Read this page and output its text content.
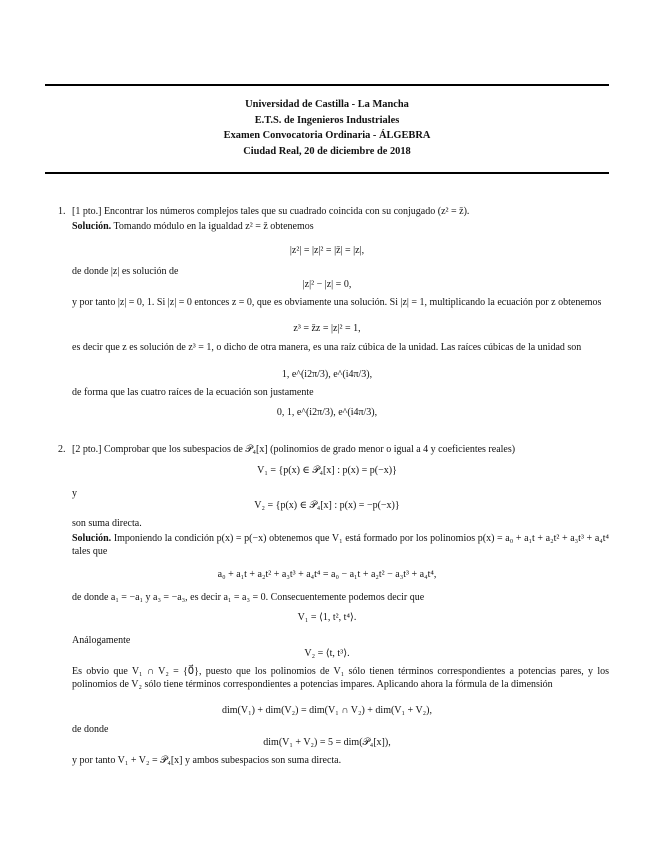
Universidad de Castilla - La Mancha
E.T.S. de Ingenieros Industriales
Examen Convocatoria Ordinaria - ÁLGEBRA
Ciudad Real, 20 de diciembre de 2018
1. [1 pto.] Encontrar los números complejos tales que su cuadrado coincida con su conjugado (z² = z̄).
Solución. Tomando módulo en la igualdad z² = z̄ obtenemos
|z²| = |z|² = |z̄| = |z|,
de donde |z| es solución de
|z|² − |z| = 0,
y por tanto |z| = 0, 1. Si |z| = 0 entonces z = 0, que es obviamente una solución. Si |z| = 1, multiplicando la ecuación por z obtenemos
z³ = z̄z = |z|² = 1,
es decir que z es solución de z³ = 1, o dicho de otra manera, es una raíz cúbica de la unidad. Las raíces cúbicas de la unidad son
1, e^(i2π/3), e^(i4π/3),
de forma que las cuatro raíces de la ecuación son justamente
0, 1, e^(i2π/3), e^(i4π/3),
2. [2 pto.] Comprobar que los subespacios de 𝒫₄[x] (polinomios de grado menor o igual a 4 y coeficientes reales)
V₁ = {p(x) ∈ 𝒫₄[x] : p(x) = p(−x)}
y
V₂ = {p(x) ∈ 𝒫₄[x] : p(x) = −p(−x)}
son suma directa.
Solución. Imponiendo la condición p(x) = p(−x) obtenemos que V₁ está formado por los polinomios p(x) = a₀ + a₁t + a₂t² + a₃t³ + a₄t⁴ tales que
a₀ + a₁t + a₂t² + a₃t³ + a₄t⁴ = a₀ − a₁t + a₂t² − a₃t³ + a₄t⁴,
de donde a₁ = −a₁ y a₃ = −a₃, es decir a₁ = a₃ = 0. Consecuentemente podemos decir que
V₁ = ⟨1, t², t⁴⟩.
Análogamente
V₂ = ⟨t, t³⟩.
Es obvio que V₁ ∩ V₂ = {0⃗}, puesto que los polinomios de V₁ sólo tienen términos correspondientes a potencias pares, y los polinomios de V₂ sólo tiene términos correspondientes a potencias impares. Aplicando ahora la fórmula de la dimensión
dim(V₁) + dim(V₂) = dim(V₁ ∩ V₂) + dim(V₁ + V₂),
de donde
dim(V₁ + V₂) = 5 = dim(𝒫₄[x]),
y por tanto V₁ + V₂ = 𝒫₄[x] y ambos subespacios son suma directa.
